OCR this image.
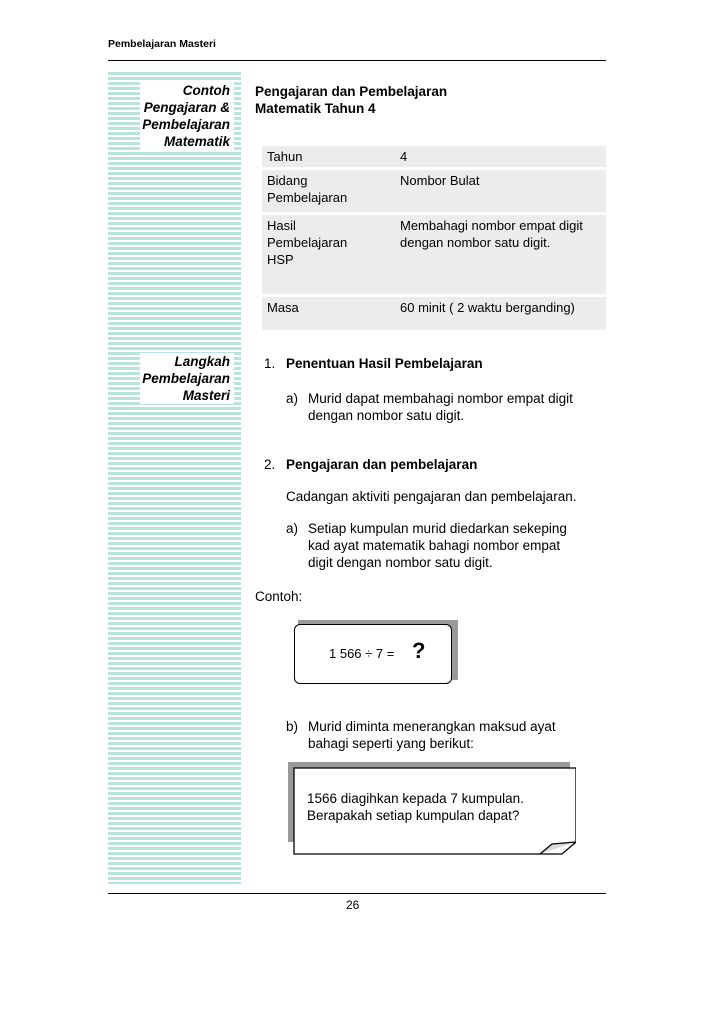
Pembelajaran Masteri
Contoh
Pengajaran &
Pembelajaran
Matematik
Langkah
Pembelajaran
Masteri
Pengajaran dan Pembelajaran
Matematik Tahun 4
Tahun	4
Bidang
Pembelajaran
Nombor Bulat
Hasil
Pembelajaran
HSP
Membahagi nombor empat digit
dengan nombor satu digit.
Masa	60 minit ( 2 waktu berganding)
1. Penentuan Hasil Pembelajaran
a) Murid dapat membahagi nombor empat digit
dengan nombor satu digit.
2. Pengajaran dan pembelajaran
Cadangan aktiviti pengajaran dan pembelajaran.
a) Setiap kumpulan murid diedarkan sekeping
kad ayat matematik bahagi nombor empat
digit dengan nombor satu digit.
Contoh:
1 566 ÷ 7 = ?
b) Murid diminta menerangkan maksud ayat
bahagi seperti yang berikut:
1566 diagihkan kepada 7 kumpulan.
Berapakah setiap kumpulan dapat?
26
